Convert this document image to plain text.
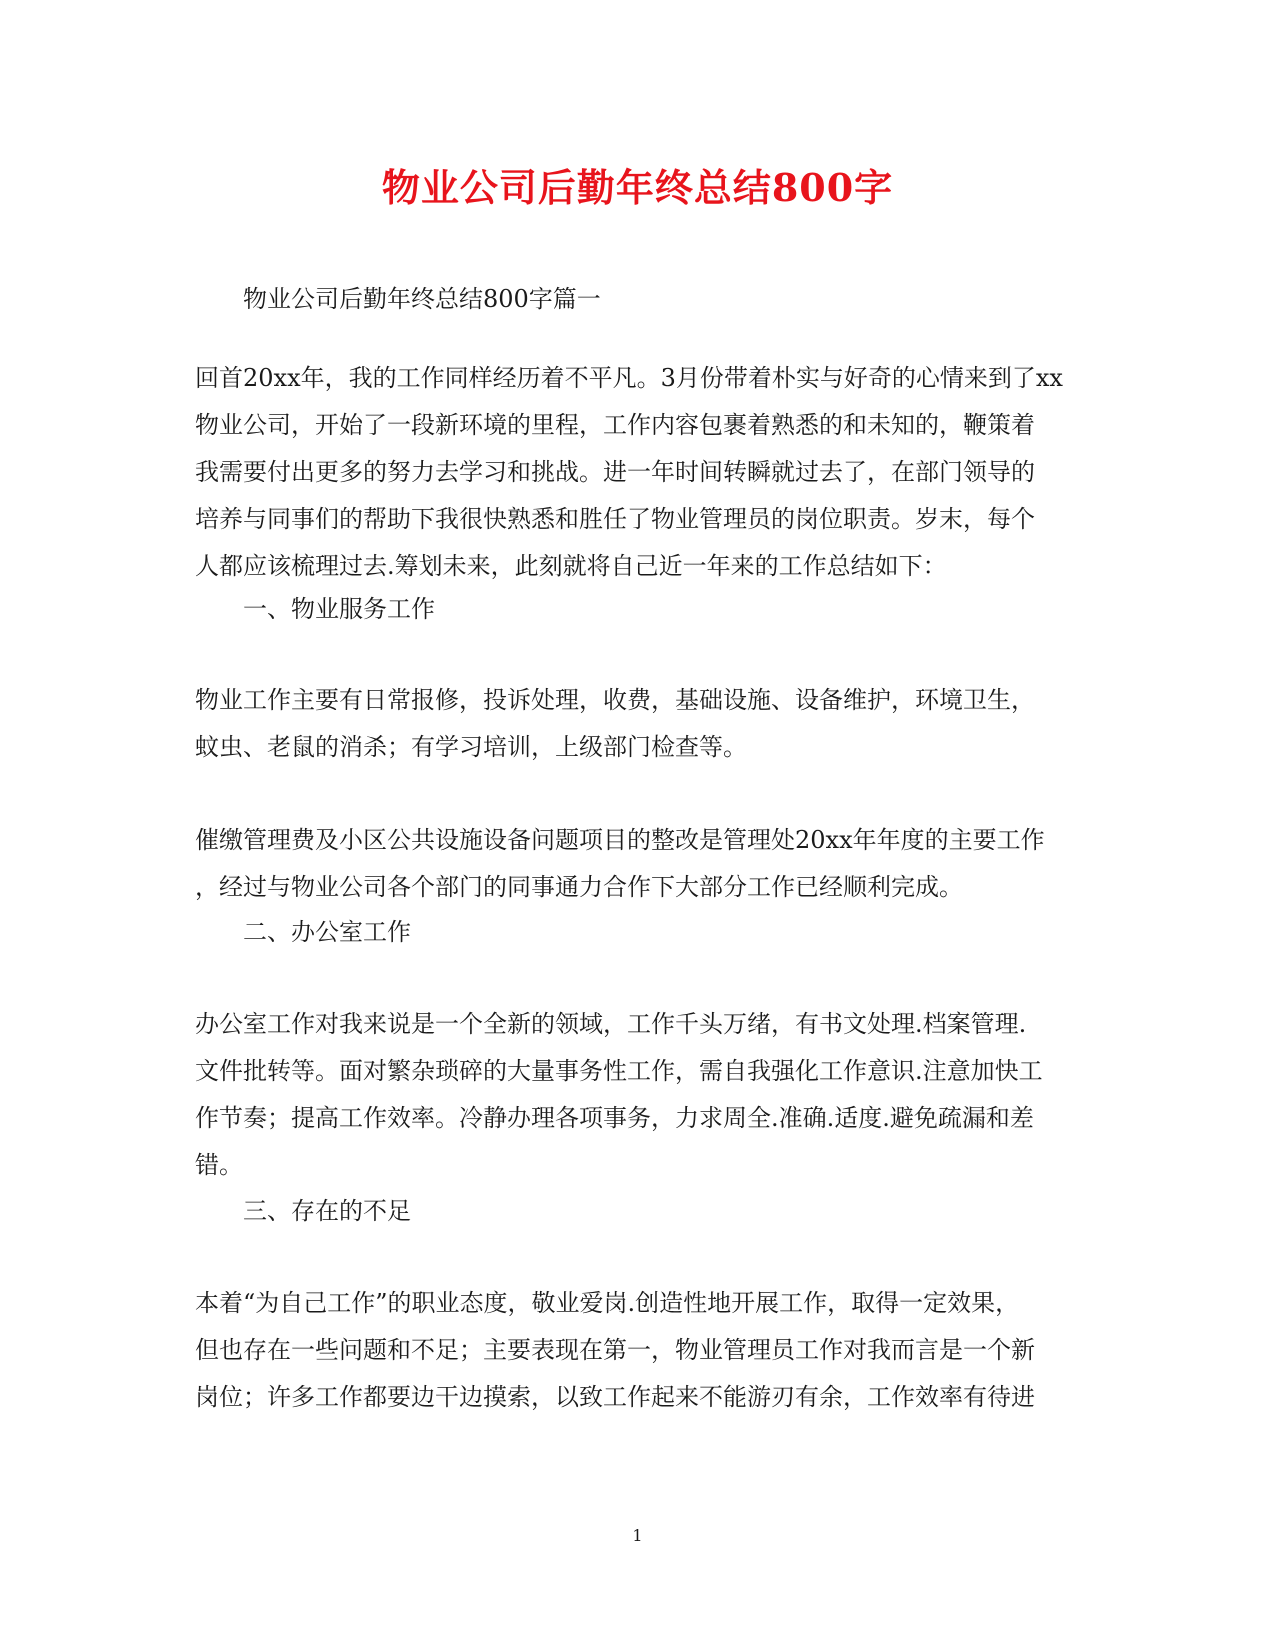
物业公司后勤年终总结800字
物业公司后勤年终总结800字篇一
回首20xx年，我的工作同样经历着不平凡。3月份带着朴实与好奇的心情来到了xx
物业公司，开始了一段新环境的里程，工作内容包裹着熟悉的和未知的，鞭策着
我需要付出更多的努力去学习和挑战。进一年时间转瞬就过去了，在部门领导的
培养与同事们的帮助下我很快熟悉和胜任了物业管理员的岗位职责。岁末，每个
人都应该梳理过去.筹划未来，此刻就将自己近一年来的工作总结如下：
一、物业服务工作
物业工作主要有日常报修，投诉处理，收费，基础设施、设备维护，环境卫生，
蚊虫、老鼠的消杀；有学习培训，上级部门检查等。
催缴管理费及小区公共设施设备问题项目的整改是管理处20xx年年度的主要工作
，经过与物业公司各个部门的同事通力合作下大部分工作已经顺利完成。
二、办公室工作
办公室工作对我来说是一个全新的领域，工作千头万绪，有书文处理.档案管理.
文件批转等。面对繁杂琐碎的大量事务性工作，需自我强化工作意识.注意加快工
作节奏；提高工作效率。冷静办理各项事务，力求周全.准确.适度.避免疏漏和差
错。
三、存在的不足
本着“为自己工作”的职业态度，敬业爱岗.创造性地开展工作，取得一定效果，
但也存在一些问题和不足；主要表现在第一，物业管理员工作对我而言是一个新
岗位；许多工作都要边干边摸索，以致工作起来不能游刃有余，工作效率有待进
1
